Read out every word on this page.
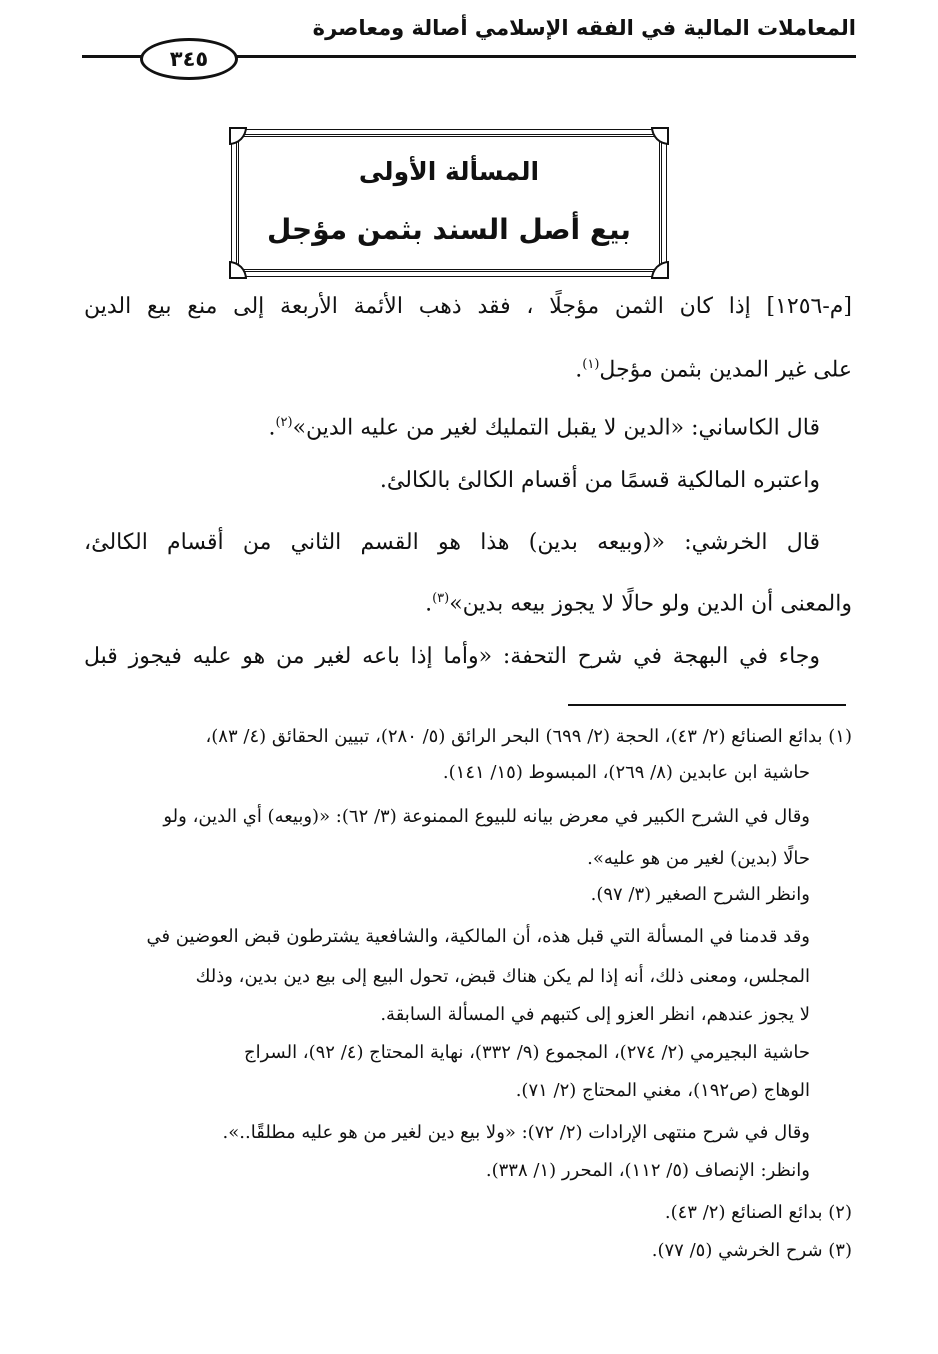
المعاملات المالية في الفقه الإسلامي أصالة ومعاصرة
٣٤٥
المسألة الأولى
بيع أصل السند بثمن مؤجل
[م-١٢٥٦] إذا كان الثمن مؤجلًا ، فقد ذهب الأئمة الأربعة إلى منع بيع الدين
على غير المدين بثمن مؤجل$^{(١)}$.
قال الكاساني: «الدين لا يقبل التمليك لغير من عليه الدين»$^{(٢)}$.
واعتبره المالكية قسمًا من أقسام الكالئ بالكالئ.
قال الخرشي: «(وبيعه بدين) هذا هو القسم الثاني من أقسام الكالئ،
والمعنى أن الدين ولو حالًا لا يجوز بيعه بدين»$^{(٣)}$.
وجاء في البهجة في شرح التحفة: «وأما إذا باعه لغير من هو عليه فيجوز قبل
(١) بدائع الصنائع (٢/ ٤٣)، الحجة (٢/ ٦٩٩) البحر الرائق (٥/ ٢٨٠)، تبيين الحقائق (٤/ ٨٣)،
حاشية ابن عابدين (٨/ ٢٦٩)، المبسوط (١٥/ ١٤١).
وقال في الشرح الكبير في معرض بيانه للبيوع الممنوعة (٣/ ٦٢): «(وبيعه) أي الدين، ولو
حالًا (بدين) لغير من هو عليه».
وانظر الشرح الصغير (٣/ ٩٧).
وقد قدمنا في المسألة التي قبل هذه، أن المالكية، والشافعية يشترطون قبض العوضين في
المجلس، ومعنى ذلك، أنه إذا لم يكن هناك قبض، تحول البيع إلى بيع دين بدين، وذلك
لا يجوز عندهم، انظر العزو إلى كتبهم في المسألة السابقة.
حاشية البجيرمي (٢/ ٢٧٤)، المجموع (٩/ ٣٣٢)، نهاية المحتاج (٤/ ٩٢)، السراج
الوهاج (ص١٩٢)، مغني المحتاج (٢/ ٧١).
وقال في شرح منتهى الإرادات (٢/ ٧٢): «ولا بيع دين لغير من هو عليه مطلقًا..».
وانظر: الإنصاف (٥/ ١١٢)، المحرر (١/ ٣٣٨).
(٢) بدائع الصنائع (٢/ ٤٣).
(٣) شرح الخرشي (٥/ ٧٧).
